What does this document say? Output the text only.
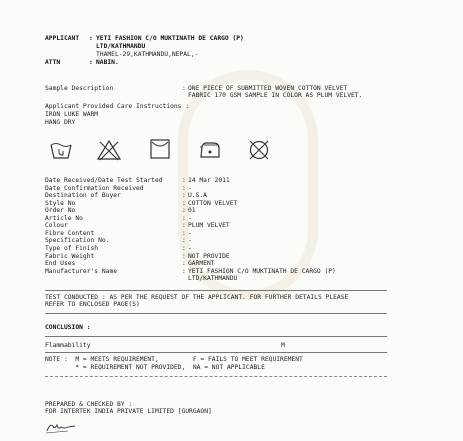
APPLICANT : YETI FASHION C/O MUKTINATH DE CARGO (P)
LTD/KATHMANDU
THAMEL-29,KATHMANDU,NEPAL,-
ATTN	: NABIN.
Sample Description	: ONE PIECE OF SUBMITTED WOVEN COTTON VELVET
FABRIC 170 GSM SAMPLE IN COLOR AS PLUM VELVET.
Applicant Provided Care Instructions :
IRON LUKE WARM
HANG DRY
Date Received/Date Test Started	: 14 Mar 2011
Date Confirmation Received	: -
Destination of Buyer	: U.S.A
Style No	: COTTON VELVET
Order No	: 01
Article No	: -
Colour	: PLUM VELVET
Fibre Content	: -
Specification No.	: -
Type of Finish	: -
Fabric Weight	: NOT PROVIDE
End Uses	: GARMENT
Manufacturer's Name	: YETI FASHION C/O MUKTINATH DE CARGO (P)
LTD/KATHMANDU
TEST CONDUCTED : AS PER THE REQUEST OF THE APPLICANT. FOR FURTHER DETAILS PLEASE
REFER TO ENCLOSED PAGE(S)
CONCLUSION :
Flammability	M
NOTE :  M = MEETS REQUIREMENT,         F = FAILS TO MEET REQUIREMENT
* = REQUIREMENT NOT PROVIDED,  NA = NOT APPLICABLE
PREPARED & CHECKED BY :
FOR INTERTEK INDIA PRIVATE LIMITED [GURGAON]
